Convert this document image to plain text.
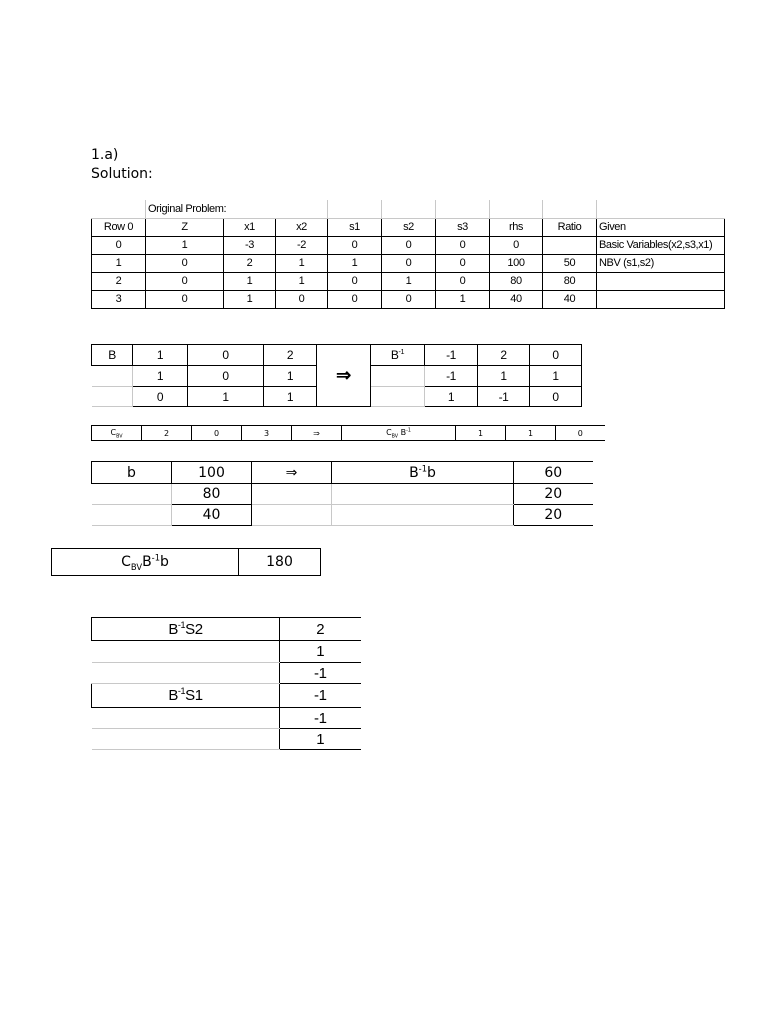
1.a)
Solution:
	Original Problem:								
Row 0	Z	x1	x2	s1	s2	s3	rhs	Ratio	Given
0	1	-3	-2	0	0	0	0		Basic Variables(x2,s3,x1)
1	0	2	1	1	0	0	100	50	NBV (s1,s2)
2	0	1	1	0	1	0	80	80	
3	0	1	0	0	0	1	40	40	
B	1	0	2	⇒	$B^{-1}$	-1	2	0
	1	0	1			-1	1	1
	0	1	1			1	-1	0
$C_{BV}$	2	0	3	⇒	$C_{BV}$ $B^{-1}$	1	1	0
b	100	⇒	$B^{-1}b$	60
	80			20
	40			20
$C_{BV}B^{-1}b$	180
$B^{-1}S2$	2
	1
	-1
$B^{-1}S1$	-1
	-1
	1
